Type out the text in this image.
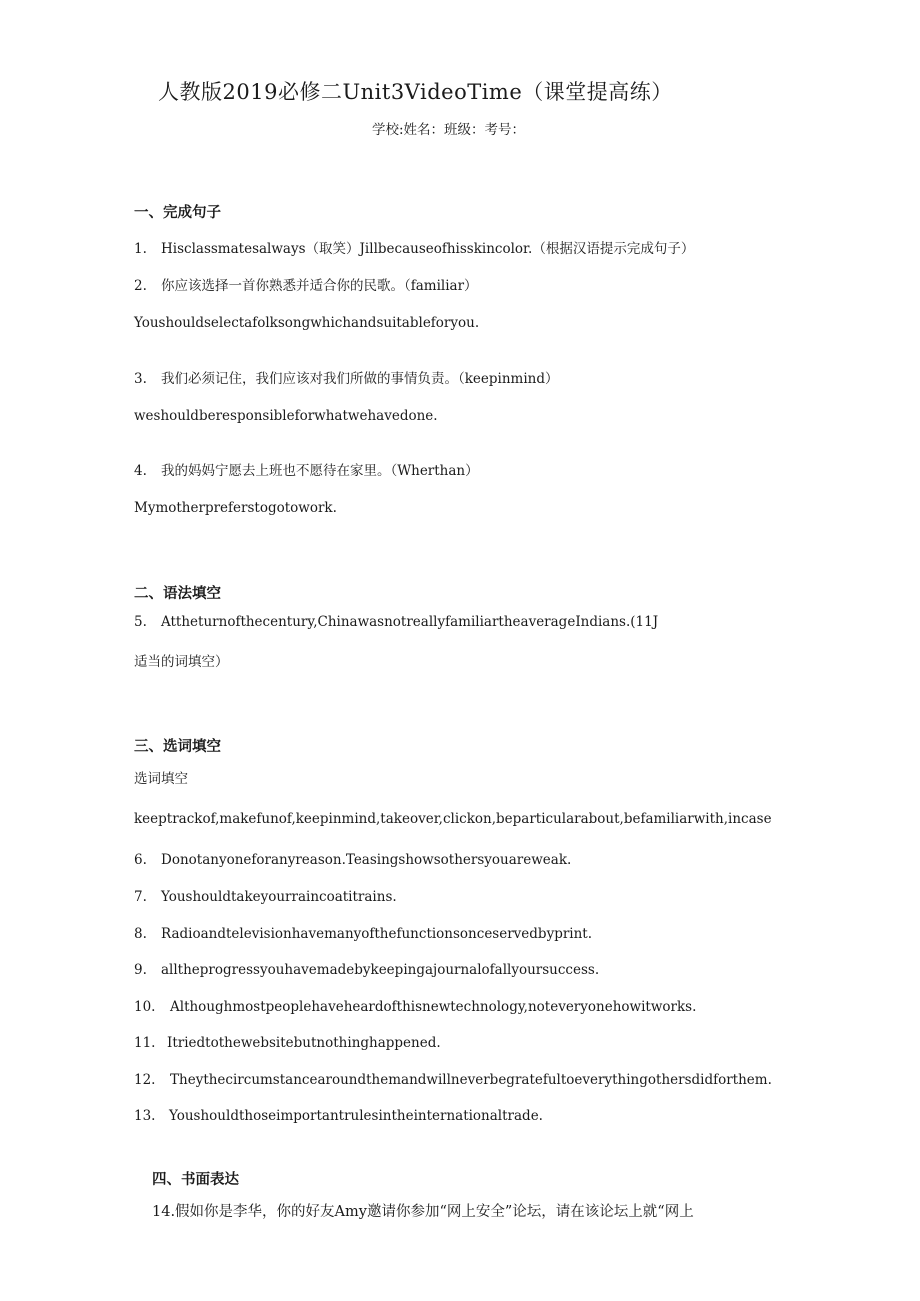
人教版2019必修二Unit3VideoTime（课堂提高练）
学校:姓名：班级：考号：
一、完成句子
1. Hisclassmatesalways（取笑）Jillbecauseofhisskincolor.（根据汉语提示完成句子）
2. 你应该选择一首你熟悉并适合你的民歌。（familiar）
Youshouldselectafolksongwhichandsuitableforyou.
3. 我们必须记住，我们应该对我们所做的事情负责。（keepinmind）
weshouldberesponsibleforwhatwehavedone.
4. 我的妈妈宁愿去上班也不愿待在家里。（Wherthan）
Mymotherpreferstogotowork.
二、语法填空
5. Attheturnofthecentury,ChinawasnotreallyfamiliartheaverageIndians.(11J
适当的词填空）
三、选词填空
选词填空
keeptrackof,makefunof,keepinmind,takeover,clickon,beparticularabout,befamiliarwith,incase
6. Donotanyoneforanyreason.Teasingshowsothersyouareweak.
7. Youshouldtakeyourraincoatitrains.
8. Radioandtelevisionhavemanyofthefunctionsonceservedbyprint.
9. alltheprogressyouhavemadebykeepingajournalofallyoursuccess.
10. Althoughmostpeoplehaveheardofthisnewtechnology,noteveryonehowitworks.
11. Itriedtothewebsitebutnothinghappened.
12. Theythecircumstancearoundthemandwillneverbegratefultoeverythingothersdidforthem.
13. Youshouldthoseimportantrulesintheinternationaltrade.
四、书面表达
14.假如你是李华，你的好友Amy邀请你参加“网上安全”论坛，请在该论坛上就“网上
